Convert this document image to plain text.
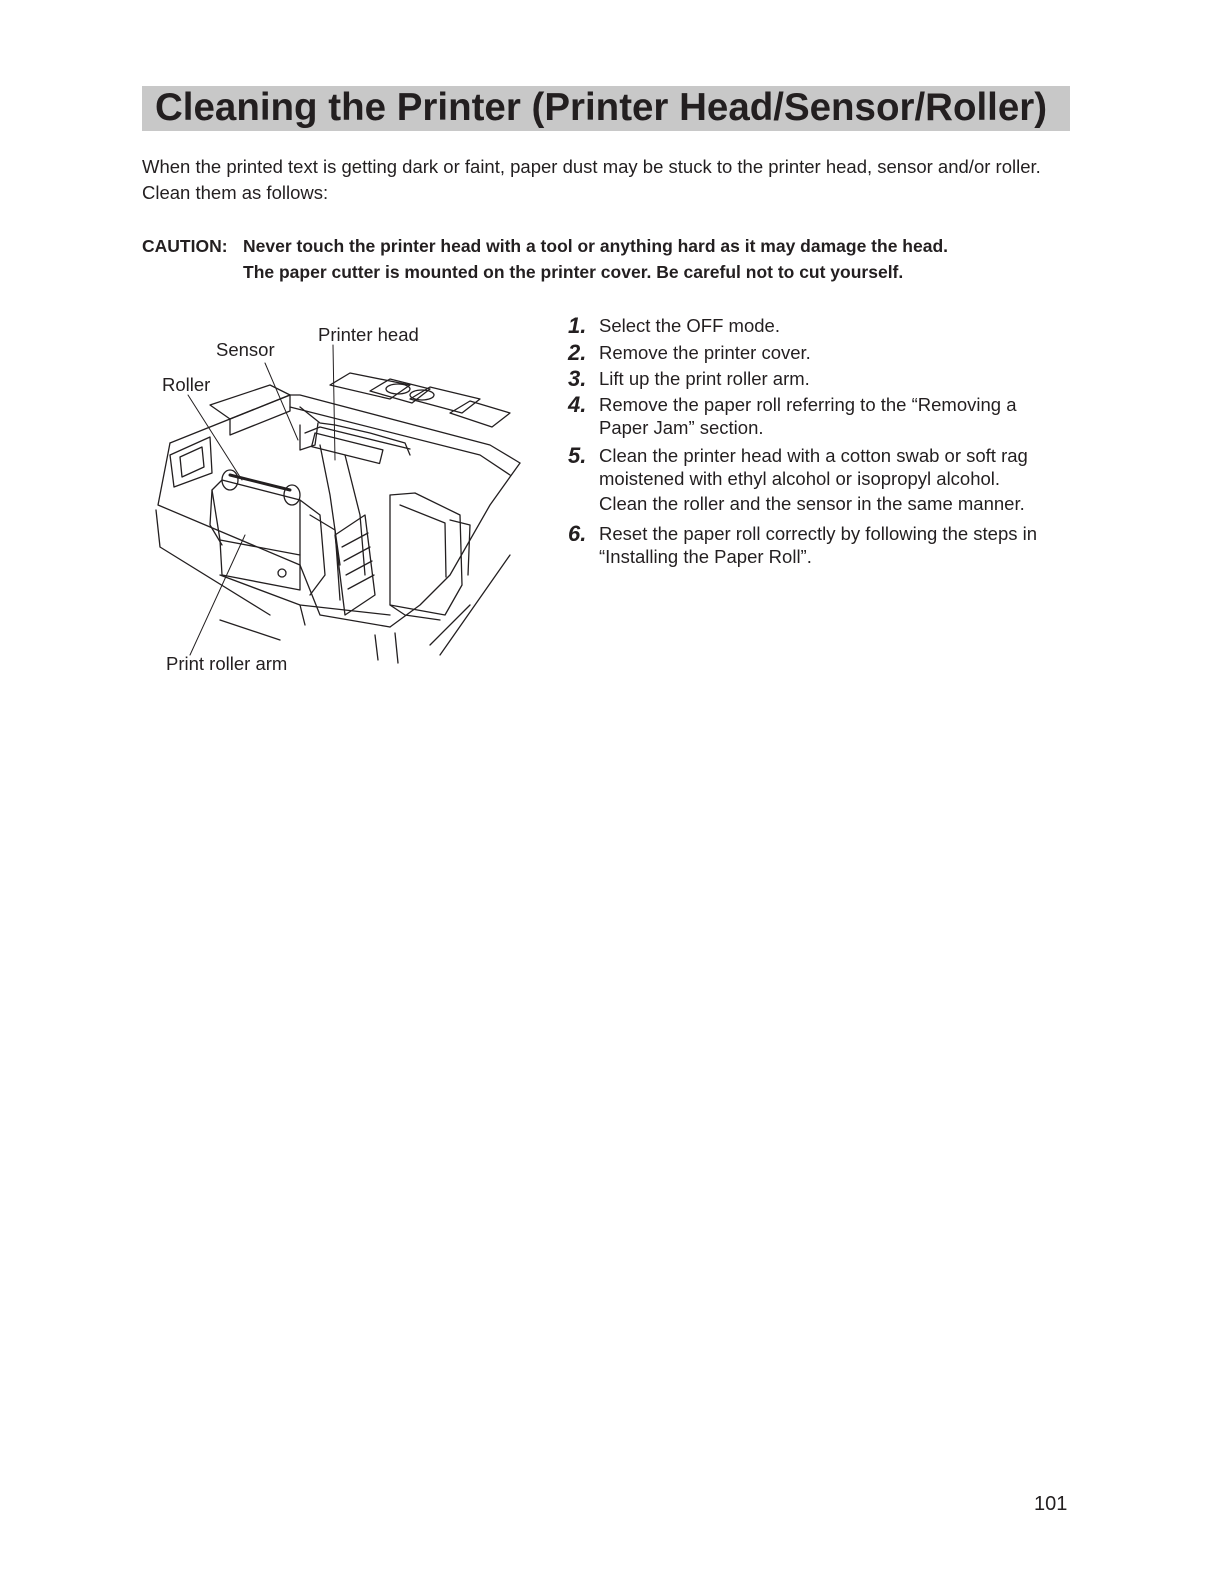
Cleaning the Printer (Printer Head/Sensor/Roller)

When the printed text is getting dark or faint, paper dust may be stuck to the printer head, sensor and/or roller. Clean them as follows:

CAUTION: Never touch the printer head with a tool or anything hard as it may damage the head.
The paper cutter is mounted on the printer cover. Be careful not to cut yourself.
Printer head
Sensor
Roller
Print roller arm
1. Select the OFF mode.
2. Remove the printer cover.
3. Lift up the print roller arm.
4. Remove the paper roll referring to the “Removing a Paper Jam” section.
5. Clean the printer head with a cotton swab or soft rag moistened with ethyl alcohol or isopropyl alcohol.
Clean the roller and the sensor in the same manner.
6. Reset the paper roll correctly by following the steps in “Installing the Paper Roll”.
101
